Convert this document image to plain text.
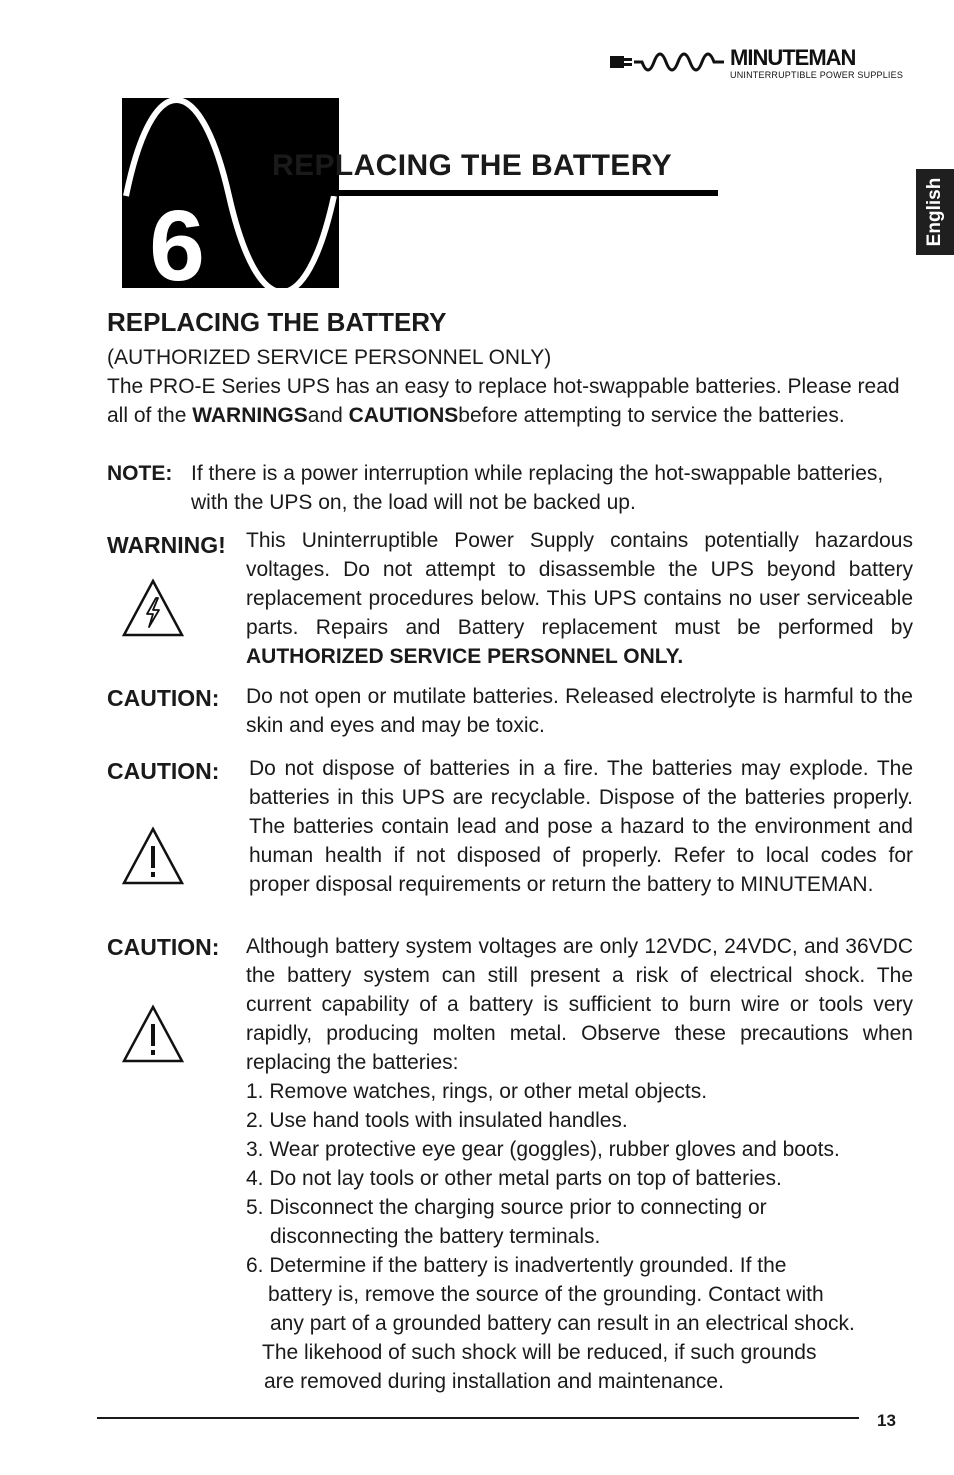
MINUTEMAN
UNINTERRUPTIBLE POWER SUPPLIES
English
6
REPLACING THE BATTERY
REPLACING THE BATTERY
(AUTHORIZED SERVICE PERSONNEL ONLY)
The PRO-E Series UPS has an easy to replace hot-swappable batteries. Please read all of the WARNINGSand CAUTIONSbefore attempting to service the batteries.
NOTE: If there is a power interruption while replacing the hot-swappable batteries, with the UPS on, the load will not be backed up.
WARNING! This Uninterruptible Power Supply contains potentially hazardous voltages. Do not attempt to disassemble the UPS beyond battery replacement procedures below. This UPS contains no user serviceable parts. Repairs and Battery replacement must be performed by AUTHORIZED SERVICE PERSONNEL ONLY.
CAUTION: Do not open or mutilate batteries. Released electrolyte is harmful to the skin and eyes and may be toxic.
CAUTION: Do not dispose of batteries in a fire. The batteries may explode. The batteries in this UPS are recyclable. Dispose of the batteries properly. The batteries contain lead and pose a hazard to the environment and human health if not disposed of properly. Refer to local codes for proper disposal requirements or return the battery to MINUTEMAN.
CAUTION: Although battery system voltages are only 12VDC, 24VDC, and 36VDC the battery system can still present a risk of electrical shock. The current capability of a battery is sufficient to burn wire or tools very rapidly, producing molten metal. Observe these precautions when replacing the batteries:
1. Remove watches, rings, or other metal objects.
2. Use hand tools with insulated handles.
3. Wear protective eye gear (goggles), rubber gloves and boots.
4. Do not lay tools or other metal parts on top of batteries.
5. Disconnect the charging source prior to connecting or
disconnecting the battery terminals.
6. Determine if the battery is inadvertently grounded. If the
battery is, remove the source of the grounding. Contact with
any part of a grounded battery can result in an electrical shock.
The likehood of such shock will be reduced, if such grounds
are removed during installation and maintenance.
13
